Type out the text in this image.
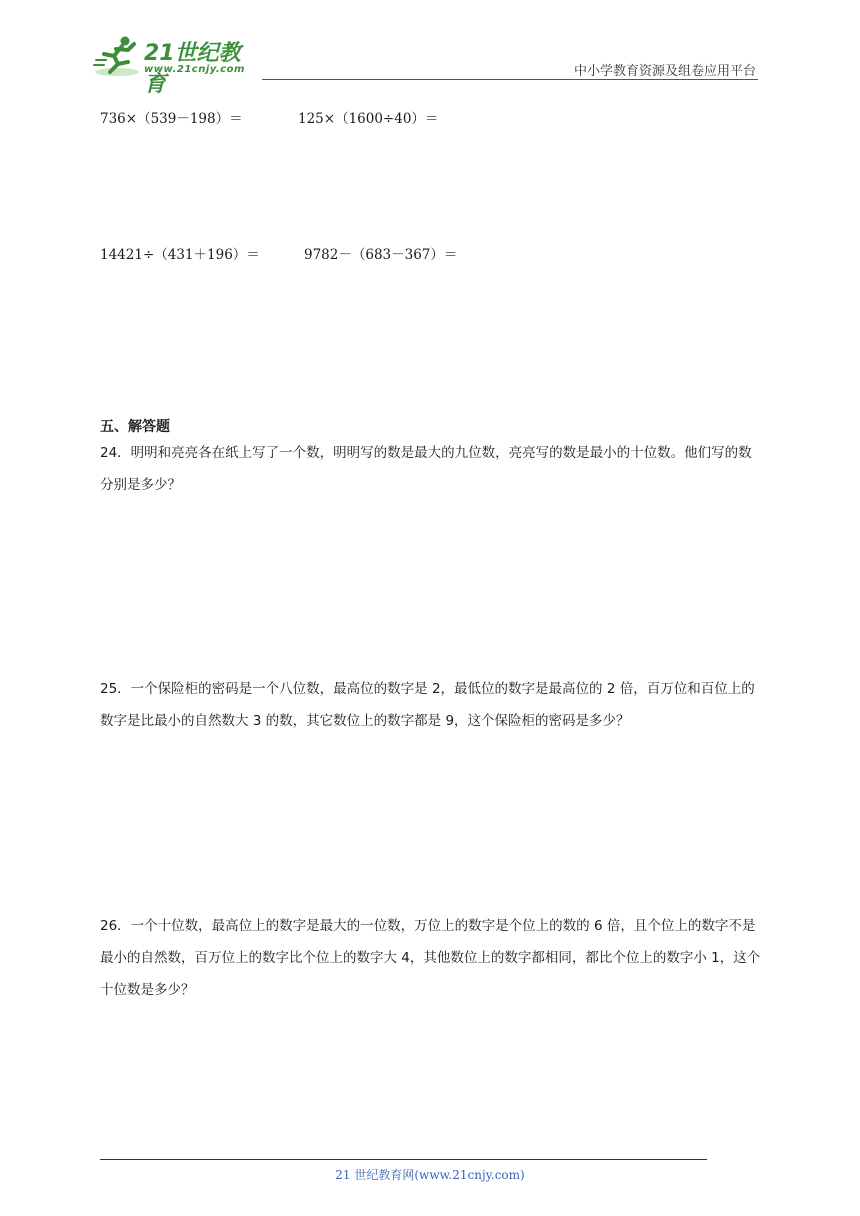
21世纪教育
www.21cnjy.com	中小学教育资源及组卷应用平台
736×（539－198）＝	125×（1600÷40）＝
14421÷（431＋196）＝	9782－（683－367）＝
五、解答题
24．明明和亮亮各在纸上写了一个数，明明写的数是最大的九位数，亮亮写的数是最小的十位数。他们写的数分别是多少？
25．一个保险柜的密码是一个八位数，最高位的数字是 2，最低位的数字是最高位的 2 倍，百万位和百位上的数字是比最小的自然数大 3 的数，其它数位上的数字都是 9，这个保险柜的密码是多少？
26．一个十位数，最高位上的数字是最大的一位数，万位上的数字是个位上的数的 6 倍，且个位上的数字不是最小的自然数，百万位上的数字比个位上的数字大 4，其他数位上的数字都相同，都比个位上的数字小 1，这个十位数是多少？
21 世纪教育网(www.21cnjy.com)
